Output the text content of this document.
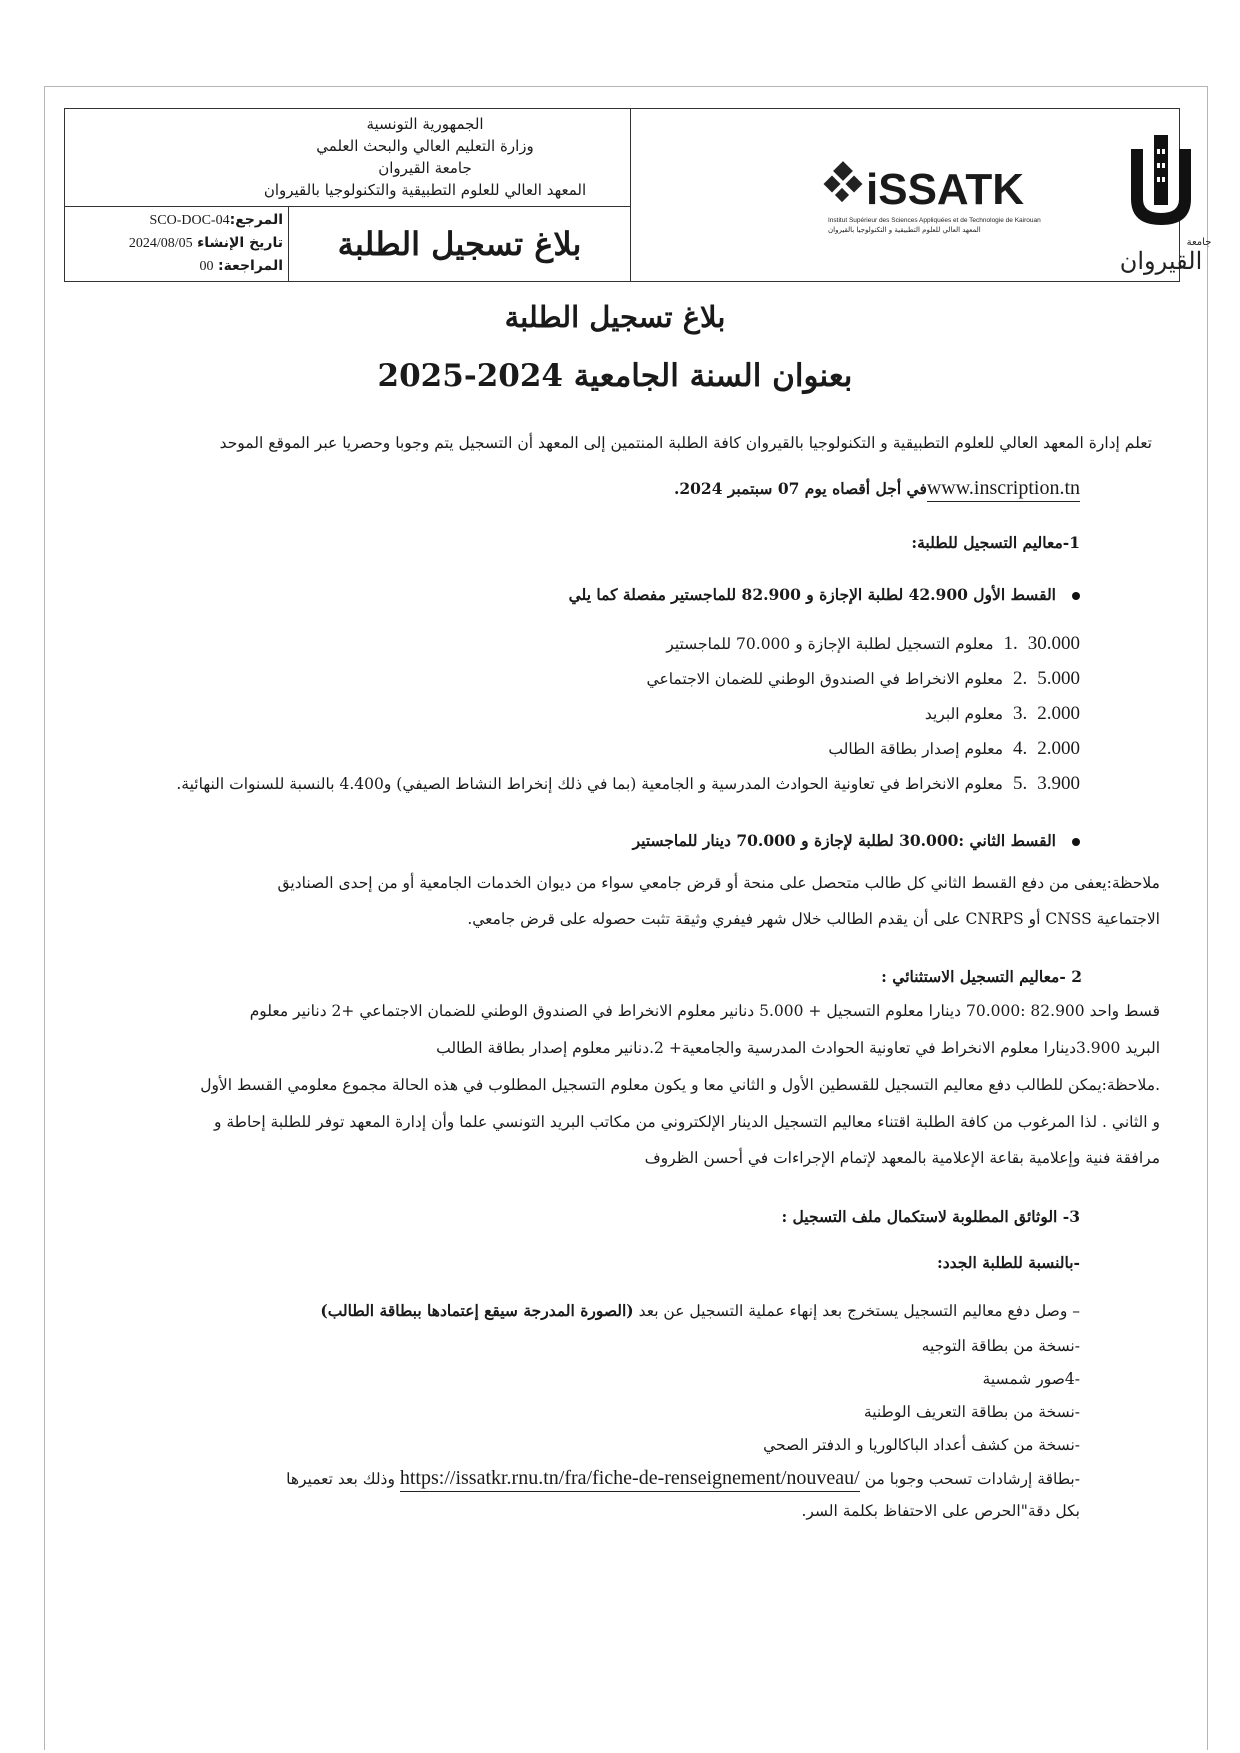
الجمهورية التونسية
وزارة التعليم العالي والبحث العلمي
جامعة القيروان
المعهد العالي للعلوم التطبيقية والتكنولوجيا بالقيروان
المرجع:SCO-DOC-04
تاريخ الإنشاء 2024/08/05
المراجعة: 00
بلاغ تسجيل الطلبة
iSSATK
Institut Supérieur des Sciences Appliquées et de Technologie de Kairouan
المعهد العالي للعلوم التطبيقية و التكنولوجيا بالقيروان
جامعة
القيروان
بلاغ تسجيل الطلبة
بعنوان السنة الجامعية 2024-2025
تعلم إدارة المعهد العالي للعلوم التطبيقية و التكنولوجيا بالقيروان كافة الطلبة المنتمين إلى المعهد أن التسجيل يتم وجوبا وحصريا عبر الموقع الموحد
www.inscription.tnفي أجل أقصاه يوم 07 سبتمبر 2024.
1-معاليم التسجيل للطلبة:
القسط الأول 42.900 لطلبة الإجازة و 82.900 للماجستير مفصلة كما يلي
1. 30.000معلوم التسجيل لطلبة الإجازة و 70.000 للماجستير
2. 5.000معلوم الانخراط في الصندوق الوطني للضمان الاجتماعي
3. 2.000معلوم البريد
4. 2.000معلوم إصدار بطاقة الطالب
5. 3.900معلوم الانخراط في تعاونية الحوادث المدرسية و الجامعية (بما في ذلك إنخراط النشاط الصيفي) و4.400 بالنسبة للسنوات النهائية.
القسط الثاني :30.000 لطلبة لإجازة و 70.000 دينار للماجستير
ملاحظة:يعفى من دفع القسط الثاني كل طالب متحصل على منحة أو قرض جامعي سواء من ديوان الخدمات الجامعية أو من إحدى الصناديق
الاجتماعية CNSS أو CNRPS على أن يقدم الطالب خلال شهر فيفري وثيقة تثبت حصوله على قرض جامعي.
2 -معاليم التسجيل الاستثنائي :
قسط واحد 82.900 :70.000 دينارا معلوم التسجيل + 5.000 دنانير معلوم الانخراط في الصندوق الوطني للضمان الاجتماعي +2 دنانير معلوم
البريد 3.900دينارا معلوم الانخراط في تعاونية الحوادث المدرسية والجامعية+ 2.دنانير معلوم إصدار بطاقة الطالب
.ملاحظة:يمكن للطالب دفع معاليم التسجيل للقسطين الأول و الثاني معا و يكون معلوم التسجيل المطلوب في هذه الحالة مجموع معلومي القسط الأول
و الثاني . لذا المرغوب من كافة الطلبة اقتناء معاليم التسجيل الدينار الإلكتروني من مكاتب البريد التونسي علما وأن إدارة المعهد توفر للطلبة إحاطة و
مرافقة فنية وإعلامية بقاعة الإعلامية بالمعهد لإتمام الإجراءات في أحسن الظروف
3- الوثائق المطلوبة لاستكمال ملف التسجيل :
-بالنسبة للطلبة الجدد:
– وصل دفع معاليم التسجيل يستخرج بعد إنهاء عملية التسجيل عن بعد (الصورة المدرجة سيقع إعتمادها ببطاقة الطالب)
-نسخة من بطاقة التوجيه
-4صور شمسية
-نسخة من بطاقة التعريف الوطنية
-نسخة من كشف أعداد الباكالوريا و الدفتر الصحي
-بطاقة إرشادات تسحب وجوبا من https://issatkr.rnu.tn/fra/fiche-de-renseignement/nouveau/ وذلك بعد تعميرها
بكل دقة"الحرص على الاحتفاظ بكلمة السر.
